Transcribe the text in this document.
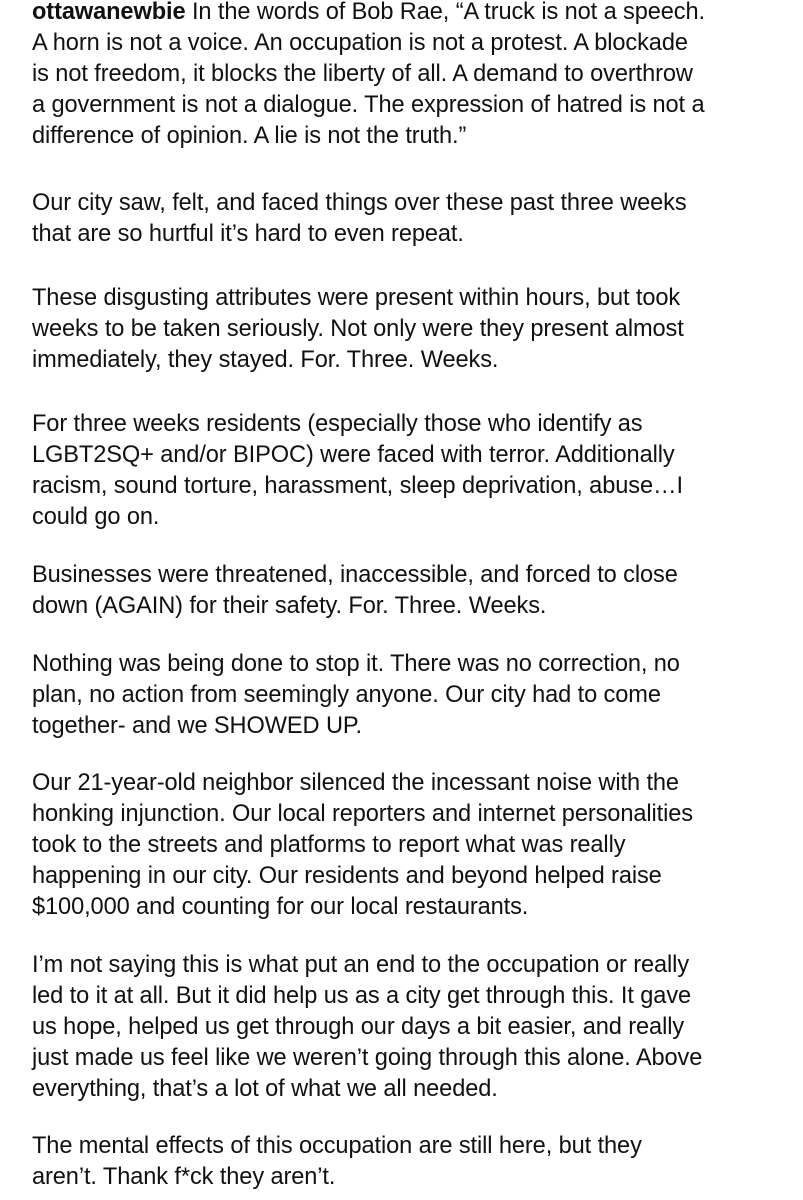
ottawanewbie In the words of Bob Rae, “A truck is not a speech.
A horn is not a voice. An occupation is not a protest. A blockade
is not freedom, it blocks the liberty of all. A demand to overthrow
a government is not a dialogue. The expression of hatred is not a
difference of opinion. A lie is not the truth.”

Our city saw, felt, and faced things over these past three weeks
that are so hurtful it’s hard to even repeat.

These disgusting attributes were present within hours, but took
weeks to be taken seriously. Not only were they present almost
immediately, they stayed. For. Three. Weeks.

For three weeks residents (especially those who identify as
LGBT2SQ+ and/or BIPOC) were faced with terror. Additionally
racism, sound torture, harassment, sleep deprivation, abuse…I
could go on.

Businesses were threatened, inaccessible, and forced to close
down (AGAIN) for their safety. For. Three. Weeks.

Nothing was being done to stop it. There was no correction, no
plan, no action from seemingly anyone. Our city had to come
together- and we SHOWED UP.

Our 21-year-old neighbor silenced the incessant noise with the
honking injunction. Our local reporters and internet personalities
took to the streets and platforms to report what was really
happening in our city. Our residents and beyond helped raise
$100,000 and counting for our local restaurants.

I’m not saying this is what put an end to the occupation or really
led to it at all. But it did help us as a city get through this. It gave
us hope, helped us get through our days a bit easier, and really
just made us feel like we weren’t going through this alone. Above
everything, that’s a lot of what we all needed.

The mental effects of this occupation are still here, but they
aren’t. Thank f*ck they aren’t.
